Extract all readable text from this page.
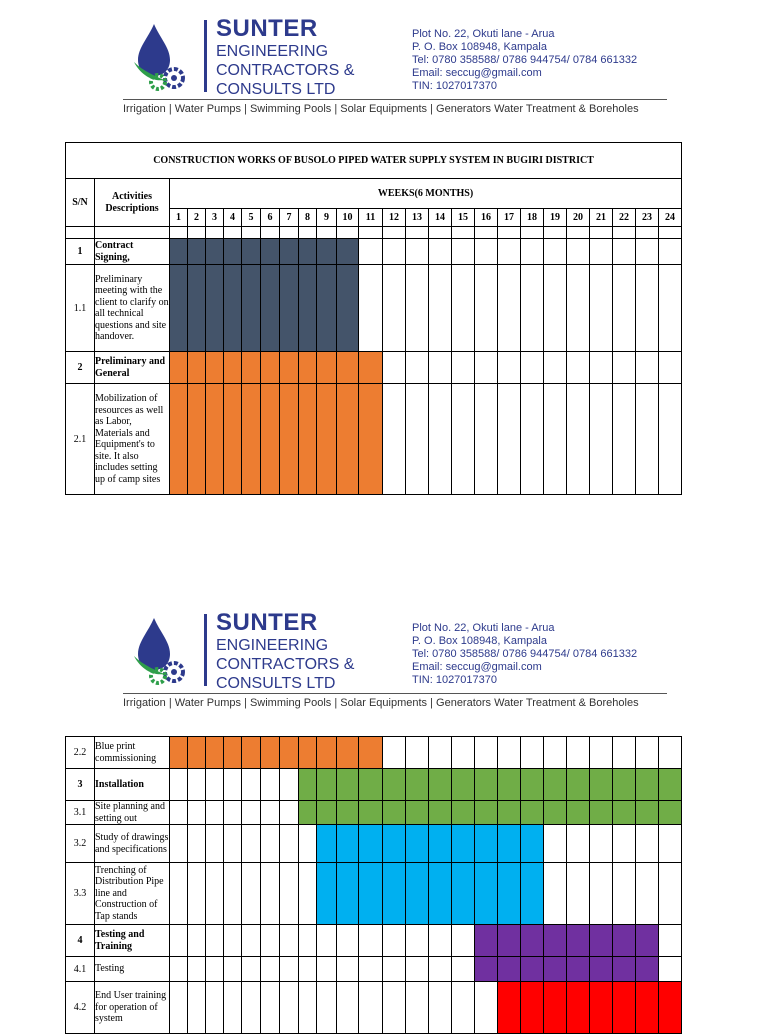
SUNTER
ENGINEERING
CONTRACTORS &
CONSULTS LTD
Plot No. 22, Okuti lane - Arua
P. O. Box 108948, Kampala
Tel: 0780 358588/ 0786 944754/ 0784 661332
Email: seccug@gmail.com
TIN: 1027017370
Irrigation | Water Pumps | Swimming Pools | Solar Equipments | Generators Water Treatment & Boreholes
CONSTRUCTION WORKS OF BUSOLO PIPED WATER SUPPLY SYSTEM IN BUGIRI DISTRICT																									
S/N	Activities Descriptions	WEEKS(6 MONTHS)																							
		1	2	3	4	5	6	7	8	9	10	11	12	13	14	15	16	17	18	19	20	21	22	23	24

1	Contract Signing,																								
1.1	Preliminary meeting with the client to clarify on all technical questions and site handover.																								
2	Preliminary and General																								
2.1	Mobilization of resources as well as Labor, Materials and Equipment's to site. It also includes setting up of camp sites																								
SUNTER
ENGINEERING
CONTRACTORS &
CONSULTS LTD
Plot No. 22, Okuti lane - Arua
P. O. Box 108948, Kampala
Tel: 0780 358588/ 0786 944754/ 0784 661332
Email: seccug@gmail.com
TIN: 1027017370
Irrigation | Water Pumps | Swimming Pools | Solar Equipments | Generators Water Treatment & Boreholes
2.2	Blue print commissioning																								
3	Installation																								
3.1	Site planning and setting out																								
3.2	Study of drawings and specifications																								
3.3	Trenching of Distribution Pipe line and Construction of Tap stands																								
4	Testing and Training																								
4.1	Testing																								
4.2	End User training for operation of system																								
